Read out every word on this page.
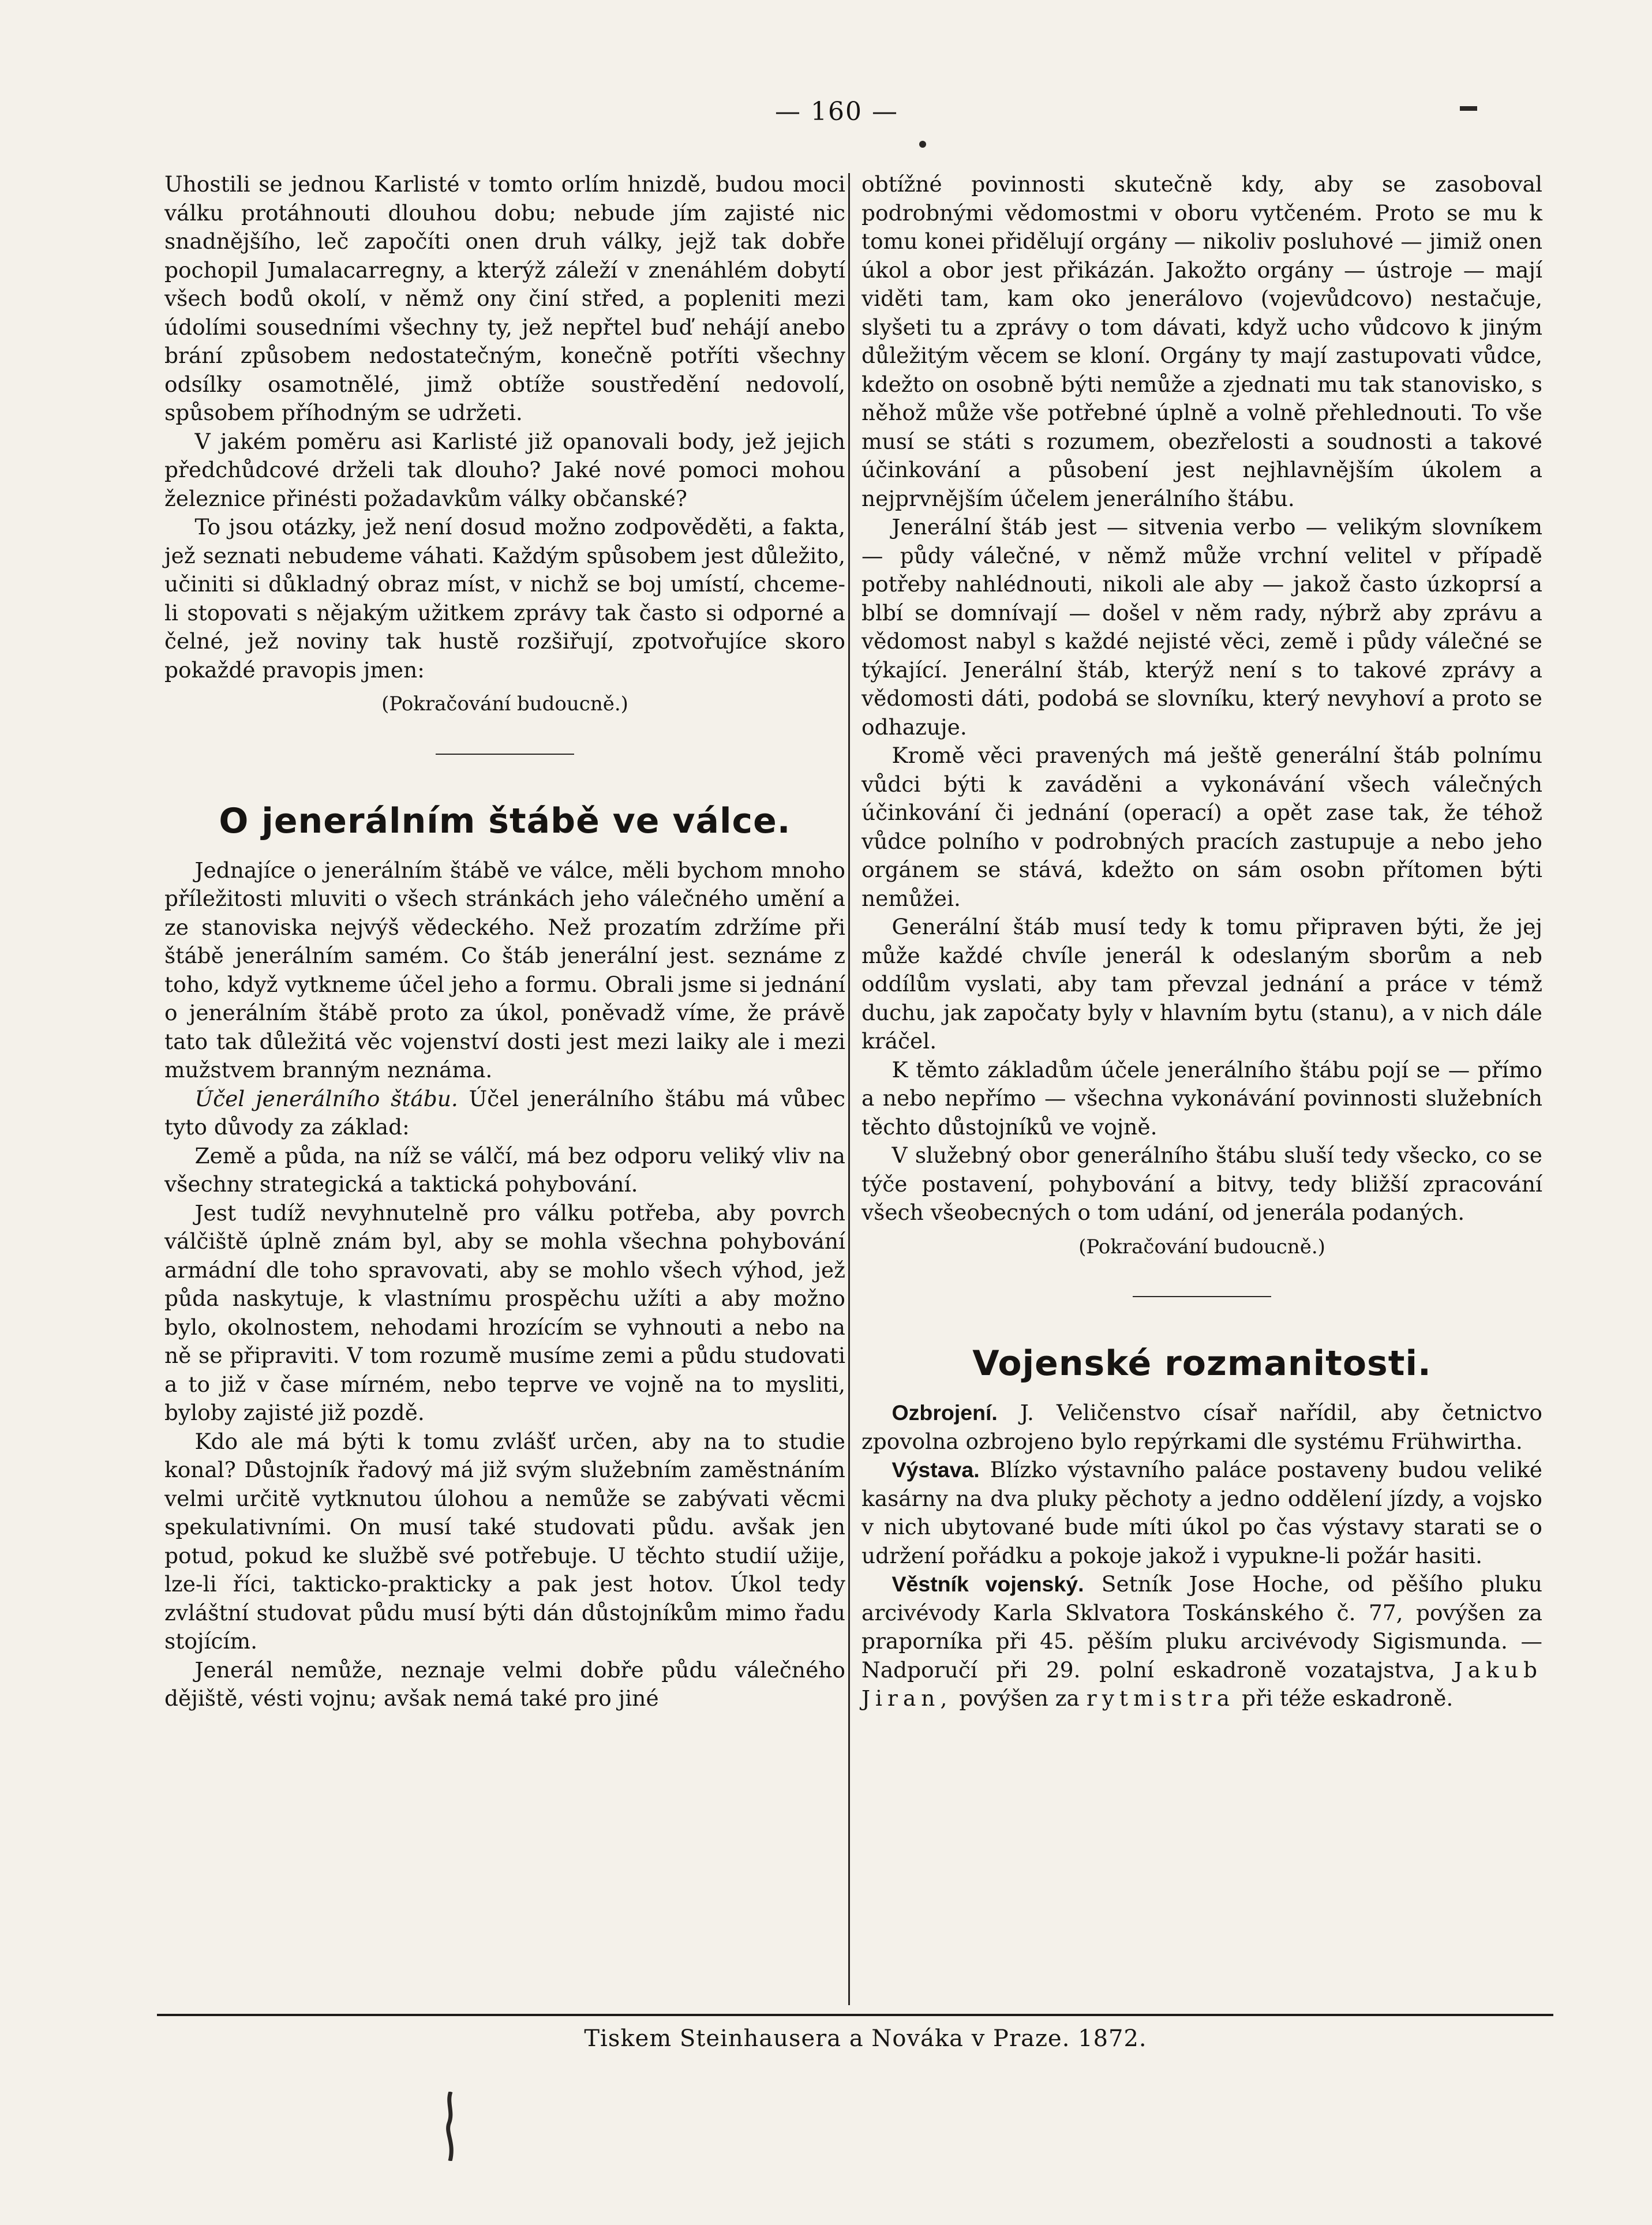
— 160 —

Uhostili se jednou Karlisté v tomto orlím hnizdě, budou moci válku protáhnouti dlouhou dobu; nebude jím zajisté nic snadnějšího, leč započíti onen druh války, jejž tak dobře pochopil Jumalacarregny, a kterýž záleží v znenáhlém dobytí všech bodů okolí, v němž ony činí střed, a popleniti mezi údolími sousedními všechny ty, jež nepřtel buď nehájí anebo brání způsobem nedostatečným, konečně potříti všechny odsílky osamotnělé, jimž obtíže soustředění nedovolí, spůsobem příhodným se udržeti.

V jakém poměru asi Karlisté již opanovali body, jež jejich předchůdcové drželi tak dlouho? Jaké nové pomoci mohou železnice přinésti požadavkům války občanské?

To jsou otázky, jež není dosud možno zodpověděti, a fakta, jež seznati nebudeme váhati. Každým spůsobem jest důležito, učiniti si důkladný obraz míst, v nichž se boj umístí, chceme-li stopovati s nějakým užitkem zprávy tak často si odporné a čelné, jež noviny tak hustě rozšiřují, zpotvořujíce skoro pokaždé pravopis jmen:

(Pokračování budoucně.)
O jenerálním štábě ve válce.

Jednajíce o jenerálním štábě ve válce, měli bychom mnoho příležitosti mluviti o všech stránkách jeho válečného umění a ze stanoviska nejvýš vědeckého. Než prozatím zdržíme při štábě jenerálním samém. Co štáb jenerální jest. seznáme z toho, když vytkneme účel jeho a formu. Obrali jsme si jednání o jenerálním štábě proto za úkol, poněvadž víme, že právě tato tak důležitá věc vojenství dosti jest mezi laiky ale i mezi mužstvem branným neznáma.

Účel jenerálního štábu. Účel jenerálního štábu má vůbec tyto důvody za základ:

Země a půda, na níž se válčí, má bez odporu veliký vliv na všechny strategická a taktická pohybování.

Jest tudíž nevyhnutelně pro válku potřeba, aby povrch válčiště úplně znám byl, aby se mohla všechna pohybování armádní dle toho spravovati, aby se mohlo všech výhod, jež půda naskytuje, k vlastnímu prospěchu užíti a aby možno bylo, okolnostem, nehodami hrozícím se vyhnouti a nebo na ně se připraviti. V tom rozumě musíme zemi a půdu studovati a to již v čase mírném, nebo teprve ve vojně na to mysliti, byloby zajisté již pozdě.

Kdo ale má býti k tomu zvlášť určen, aby na to studie konal? Důstojník řadový má již svým služebním zaměstnáním velmi určitě vytknutou úlohou a nemůže se zabývati věcmi spekulativními. On musí také studovati půdu. avšak jen potud, pokud ke službě své potřebuje. U těchto studií užije, lze-li říci, takticko-prakticky a pak jest hotov. Úkol tedy zvláštní studovat půdu musí býti dán důstojníkům mimo řadu stojícím.

Jenerál nemůže, neznaje velmi dobře půdu válečného dějiště, vésti vojnu; avšak nemá také pro jiné

obtížné povinnosti skutečně kdy, aby se zasoboval podrobnými vědomostmi v oboru vytčeném. Proto se mu k tomu konei přidělují orgány — nikoliv posluhové — jimiž onen úkol a obor jest přikázán. Jakožto orgány — ústroje — mají viděti tam, kam oko jenerálovo (vojevůdcovo) nestačuje, slyšeti tu a zprávy o tom dávati, když ucho vůdcovo k jiným důležitým věcem se kloní. Orgány ty mají zastupovati vůdce, kdežto on osobně býti nemůže a zjednati mu tak stanovisko, s něhož může vše potřebné úplně a volně přehlednouti. To vše musí se státi s rozumem, obezřelosti a soudnosti a takové účinkování a působení jest nejhlavnějším úkolem a nejprvnějším účelem jenerálního štábu.

Jenerální štáb jest — sitvenia verbo — velikým slovníkem — půdy válečné, v němž může vrchní velitel v případě potřeby nahlédnouti, nikoli ale aby — jakož často úzkoprsí a blbí se domnívají — došel v něm rady, nýbrž aby zprávu a vědomost nabyl s každé nejisté věci, země i půdy válečné se týkající. Jenerální štáb, kterýž není s to takové zprávy a vědomosti dáti, podobá se slovníku, který nevyhoví a proto se odhazuje.

Kromě věci pravených má ještě generální štáb polnímu vůdci býti k zaváděni a vykonávání všech válečných účinkování či jednání (operací) a opět zase tak, že téhož vůdce polního v podrobných pracích zastupuje a nebo jeho orgánem se stává, kdežto on sám osobn přítomen býti nemůžei.

Generální štáb musí tedy k tomu připraven býti, že jej může každé chvíle jenerál k odeslaným sborům a neb oddílům vyslati, aby tam převzal jednání a práce v témž duchu, jak započaty byly v hlavním bytu (stanu), a v nich dále kráčel.

K těmto základům účele jenerálního štábu pojí se — přímo a nebo nepřímo — všechna vykonávání povinnosti služebních těchto důstojníků ve vojně.

V služebný obor generálního štábu sluší tedy všecko, co se týče postavení, pohybování a bitvy, tedy bližší zpracování všech všeobecných o tom udání, od jenerála podaných.

(Pokračování budoucně.)
Vojenské rozmanitosti.

Ozbrojení. J. Veličenstvo císař nařídil, aby četnictvo zpovolna ozbrojeno bylo repýrkami dle systému Frühwirtha.

Výstava. Blízko výstavního paláce postaveny budou veliké kasárny na dva pluky pěchoty a jedno oddělení jízdy, a vojsko v nich ubytované bude míti úkol po čas výstavy starati se o udržení pořádku a pokoje jakož i vypukne-li požár hasiti.

Věstník vojenský. Setník Jose Hoche, od pěšího pluku arcivévody Karla Sklvatora Toskánského č. 77, povýšen za praporníka při 45. pěším pluku arcivévody Sigismunda. — Nadporučí při 29. polní eskadroně vozatajstva, Jakub Jiran, povýšen za rytmistra při téže eskadroně.

Tiskem Steinhausera a Nováka v Praze. 1872.
